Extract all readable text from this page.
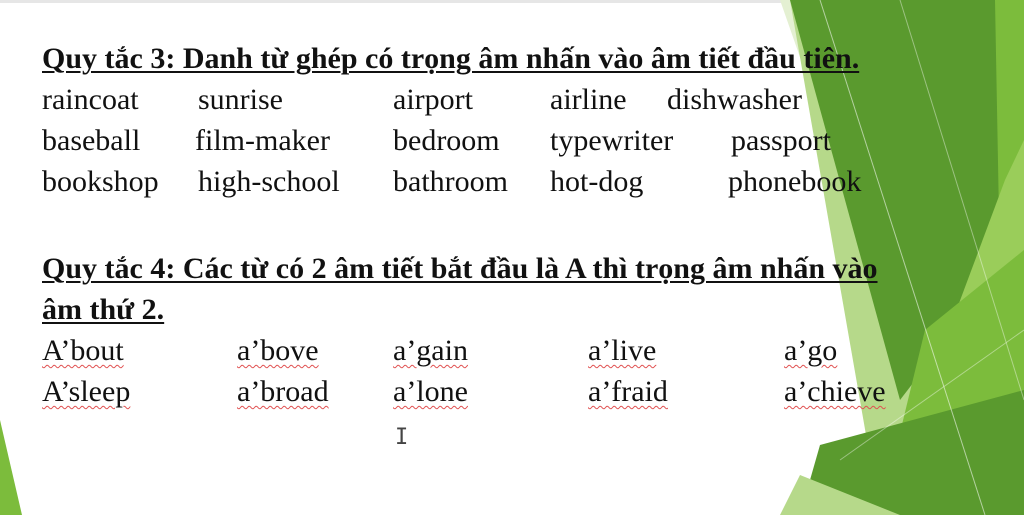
Quy tắc 3: Danh từ ghép có trọng âm nhấn vào âm tiết đầu tiên.
raincoat sunrise	airport	airline dishwasher
baseball film-maker bedroom typewriter passport
bookshop high-school bathroom hot-dog	phonebook
Quy tắc 4: Các từ có 2 âm tiết bắt đầu là A thì trọng âm nhấn vào
âm thứ 2.
A’bout	a’bove a’gain	a’live	a’go
A’sleep	a’broad a’lone	a’fraid	a’chieve
I
